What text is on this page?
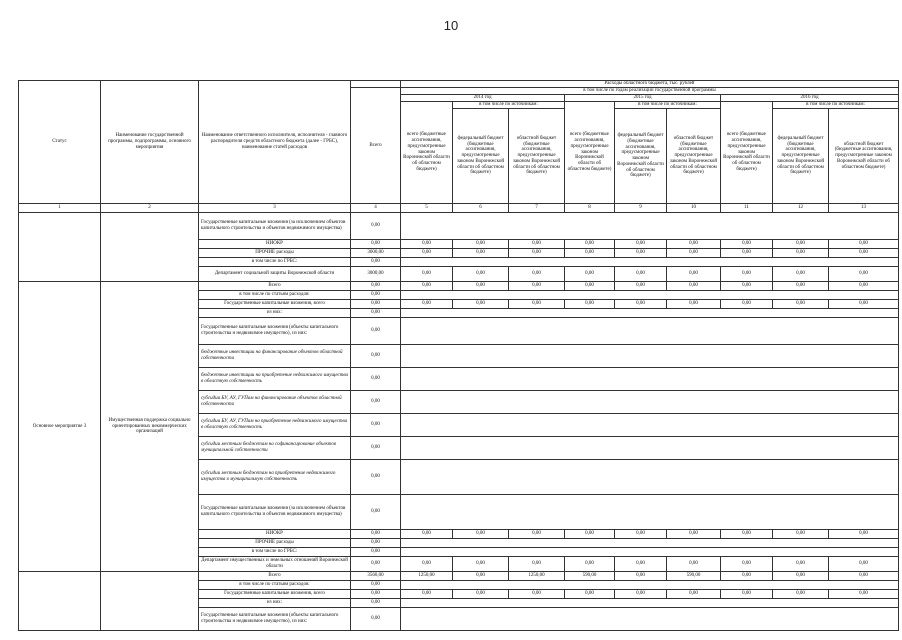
10
Статус	Наименование государственной программы, подпрограммы, основного мероприятия	Наименование ответственного исполнителя, исполнителя - главного распорядителя средств областного бюджета (далее - ГРБС), наименование статей расходов		Расходы областного бюджета, тыс. рублей								
			Всего	в том числе по годам реализации государственной программы								
				2014 год			2015 год			2016 год		
				всего (бюджетные ассигнования, предусмотренные законом Воронежской области об областном бюджете)	в том числе по источникам:		всего (бюджетные ассигнования, предусмотренные законом Воронежской области об областном бюджете)	в том числе по источникам:		всего (бюджетные ассигнования, предусмотренные законом Воронежской области об областном бюджете)	в том числе по источникам:	
					федеральный бюджет (бюджетные ассигнования, предусмотренные законом Воронежской области об областном бюджете)	областной бюджет (бюджетные ассигнования, предусмотренные законом Воронежской области об областном бюджете)		федеральный бюджет (бюджетные ассигнования, предусмотренные законом Воронежской области об областном бюджете)	областной бюджет (бюджетные ассигнования, предусмотренные законом Воронежской области об областном бюджете)		федеральный бюджет (бюджетные ассигнования, предусмотренные законом Воронежской области об областном бюджете)	областной бюджет (бюджетные ассигнования, предусмотренные законом Воронежской области об областном бюджете)
1	2	3	4	5	6	7	8	9	10	11	12	13
		Государственные капитальные вложения (за исключением объектов капитального строительства и объектов недвижимого имущества)	0,00									
		НИОКР	0,00	0,00	0,00	0,00	0,00	0,00	0,00	0,00	0,00	0,00
		ПРОЧИЕ расходы	3000,00	0,00	0,00	0,00	0,00	0,00	0,00	0,00	0,00	0,00
		в том числе по ГРБС:	0,00									
		Департамент социальной защиты Воронежской области	3000,00	0,00	0,00	0,00	0,00	0,00	0,00	0,00	0,00	0,00
Основное мероприятие 3	Имущественная поддержка социально ориентированных некоммерческих организаций	Всего	0,00	0,00	0,00	0,00	0,00	0,00	0,00	0,00	0,00	0,00
		в том числе по статьям расходов:	0,00									
		Государственные капитальные вложения, всего	0,00	0,00	0,00	0,00	0,00	0,00	0,00	0,00	0,00	0,00
		из них:	0,00									
		Государственные капитальные вложения (объекты капитального строительства и недвижимое имущество), из них:	0,00									
		бюджетные инвестиции на финансирование объектов областной собственности	0,00									
		бюджетные инвестиции на приобретение недвижимого имущества в областную собственность	0,00									
		субсидии БУ, АУ, ГУПам на финансирование объектов областной собственности	0,00									
		субсидии БУ, АУ, ГУПам на приобретение недвижимого имущества в областную собственность	0,00									
		субсидии местным бюджетам на софинансирование объектов муниципальной собственности	0,00									
		субсидии местным бюджетам на приобретение недвижимого имущества в муниципальную собственность	0,00									
		Государственные капитальные вложения (за исключением объектов капитального строительства и объектов недвижимого имущества)	0,00									
		НИОКР	0,00	0,00	0,00	0,00	0,00	0,00	0,00	0,00	0,00	0,00
		ПРОЧИЕ расходы	0,00									
		в том числе по ГРБС:	0,00									
		Департамент имущественных и земельных отношений Воронежской области	0,00	0,00	0,00	0,00	0,00	0,00	0,00	0,00	0,00	0,00
		Всего	3560,00	1250,00	0,00	1250,00	590,00	0,00	590,00	0,00	0,00	0,00
		в том числе по статьям расходов:	0,00									
		Государственные капитальные вложения, всего	0,00	0,00	0,00	0,00	0,00	0,00	0,00	0,00	0,00	0,00
		из них:	0,00									
		Государственные капитальные вложения (объекты капитального строительства и недвижимое имущество), из них:	0,00									
